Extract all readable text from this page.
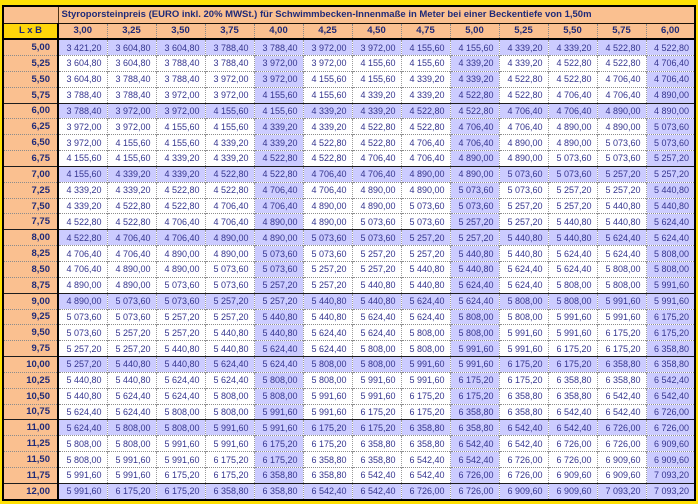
	Styroporsteinpreis (EURO inkl. 20% MWSt.) für Schwimmbecken-Innenmaße in Meter bei einer Beckentiefe von 1,50m												
L x B	3,00	3,25	3,50	3,75	4,00	4,25	4,50	4,75	5,00	5,25	5,50	5,75	6,00
5,00	3 421,20	3 604,80	3 604,80	3 788,40	3 788,40	3 972,00	3 972,00	4 155,60	4 155,60	4 339,20	4 339,20	4 522,80	4 522,80
5,25	3 604,80	3 604,80	3 788,40	3 788,40	3 972,00	3 972,00	4 155,60	4 155,60	4 339,20	4 339,20	4 522,80	4 522,80	4 706,40
5,50	3 604,80	3 788,40	3 788,40	3 972,00	3 972,00	4 155,60	4 155,60	4 339,20	4 339,20	4 522,80	4 522,80	4 706,40	4 706,40
5,75	3 788,40	3 788,40	3 972,00	3 972,00	4 155,60	4 155,60	4 339,20	4 339,20	4 522,80	4 522,80	4 706,40	4 706,40	4 890,00
6,00	3 788,40	3 972,00	3 972,00	4 155,60	4 155,60	4 339,20	4 339,20	4 522,80	4 522,80	4 706,40	4 706,40	4 890,00	4 890,00
6,25	3 972,00	3 972,00	4 155,60	4 155,60	4 339,20	4 339,20	4 522,80	4 522,80	4 706,40	4 706,40	4 890,00	4 890,00	5 073,60
6,50	3 972,00	4 155,60	4 155,60	4 339,20	4 339,20	4 522,80	4 522,80	4 706,40	4 706,40	4 890,00	4 890,00	5 073,60	5 073,60
6,75	4 155,60	4 155,60	4 339,20	4 339,20	4 522,80	4 522,80	4 706,40	4 706,40	4 890,00	4 890,00	5 073,60	5 073,60	5 257,20
7,00	4 155,60	4 339,20	4 339,20	4 522,80	4 522,80	4 706,40	4 706,40	4 890,00	4 890,00	5 073,60	5 073,60	5 257,20	5 257,20
7,25	4 339,20	4 339,20	4 522,80	4 522,80	4 706,40	4 706,40	4 890,00	4 890,00	5 073,60	5 073,60	5 257,20	5 257,20	5 440,80
7,50	4 339,20	4 522,80	4 522,80	4 706,40	4 706,40	4 890,00	4 890,00	5 073,60	5 073,60	5 257,20	5 257,20	5 440,80	5 440,80
7,75	4 522,80	4 522,80	4 706,40	4 706,40	4 890,00	4 890,00	5 073,60	5 073,60	5 257,20	5 257,20	5 440,80	5 440,80	5 624,40
8,00	4 522,80	4 706,40	4 706,40	4 890,00	4 890,00	5 073,60	5 073,60	5 257,20	5 257,20	5 440,80	5 440,80	5 624,40	5 624,40
8,25	4 706,40	4 706,40	4 890,00	4 890,00	5 073,60	5 073,60	5 257,20	5 257,20	5 440,80	5 440,80	5 624,40	5 624,40	5 808,00
8,50	4 706,40	4 890,00	4 890,00	5 073,60	5 073,60	5 257,20	5 257,20	5 440,80	5 440,80	5 624,40	5 624,40	5 808,00	5 808,00
8,75	4 890,00	4 890,00	5 073,60	5 073,60	5 257,20	5 257,20	5 440,80	5 440,80	5 624,40	5 624,40	5 808,00	5 808,00	5 991,60
9,00	4 890,00	5 073,60	5 073,60	5 257,20	5 257,20	5 440,80	5 440,80	5 624,40	5 624,40	5 808,00	5 808,00	5 991,60	5 991,60
9,25	5 073,60	5 073,60	5 257,20	5 257,20	5 440,80	5 440,80	5 624,40	5 624,40	5 808,00	5 808,00	5 991,60	5 991,60	6 175,20
9,50	5 073,60	5 257,20	5 257,20	5 440,80	5 440,80	5 624,40	5 624,40	5 808,00	5 808,00	5 991,60	5 991,60	6 175,20	6 175,20
9,75	5 257,20	5 257,20	5 440,80	5 440,80	5 624,40	5 624,40	5 808,00	5 808,00	5 991,60	5 991,60	6 175,20	6 175,20	6 358,80
10,00	5 257,20	5 440,80	5 440,80	5 624,40	5 624,40	5 808,00	5 808,00	5 991,60	5 991,60	6 175,20	6 175,20	6 358,80	6 358,80
10,25	5 440,80	5 440,80	5 624,40	5 624,40	5 808,00	5 808,00	5 991,60	5 991,60	6 175,20	6 175,20	6 358,80	6 358,80	6 542,40
10,50	5 440,80	5 624,40	5 624,40	5 808,00	5 808,00	5 991,60	5 991,60	6 175,20	6 175,20	6 358,80	6 358,80	6 542,40	6 542,40
10,75	5 624,40	5 624,40	5 808,00	5 808,00	5 991,60	5 991,60	6 175,20	6 175,20	6 358,80	6 358,80	6 542,40	6 542,40	6 726,00
11,00	5 624,40	5 808,00	5 808,00	5 991,60	5 991,60	6 175,20	6 175,20	6 358,80	6 358,80	6 542,40	6 542,40	6 726,00	6 726,00
11,25	5 808,00	5 808,00	5 991,60	5 991,60	6 175,20	6 175,20	6 358,80	6 358,80	6 542,40	6 542,40	6 726,00	6 726,00	6 909,60
11,50	5 808,00	5 991,60	5 991,60	6 175,20	6 175,20	6 358,80	6 358,80	6 542,40	6 542,40	6 726,00	6 726,00	6 909,60	6 909,60
11,75	5 991,60	5 991,60	6 175,20	6 175,20	6 358,80	6 358,80	6 542,40	6 542,40	6 726,00	6 726,00	6 909,60	6 909,60	7 093,20
12,00	5 991,60	6 175,20	6 175,20	6 358,80	6 358,80	6 542,40	6 542,40	6 726,00	6 726,00	6 909,60	6 909,60	7 093,20	7 093,20
